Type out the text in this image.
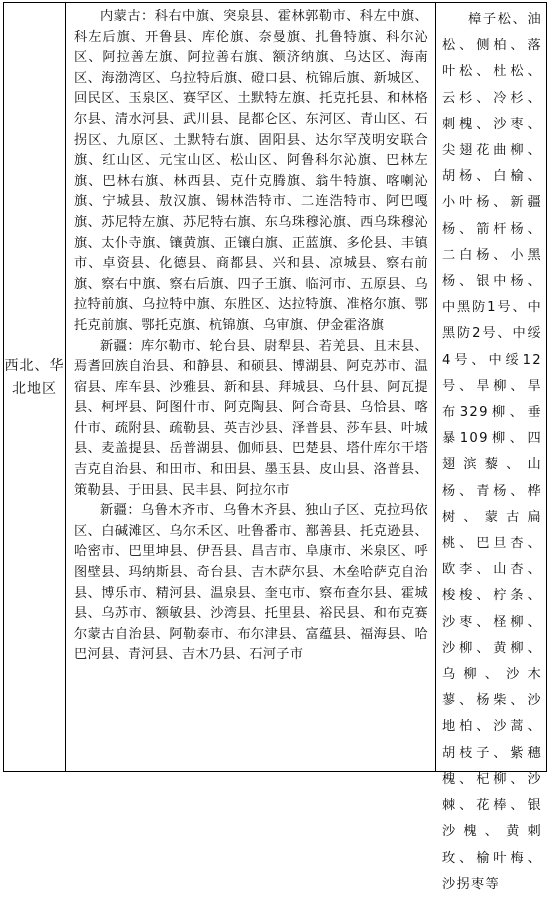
西北、华北地区

内蒙古：科右中旗、突泉县、霍林郭勒市、科左中旗、科左后旗、开鲁县、库伦旗、奈曼旗、扎鲁特旗、科尔沁区、阿拉善左旗、阿拉善右旗、额济纳旗、乌达区、海南区、海渤湾区、乌拉特后旗、磴口县、杭锦后旗、新城区、回民区、玉泉区、赛罕区、土默特左旗、托克托县、和林格尔县、清水河县、武川县、昆都仑区、东河区、青山区、石拐区、九原区、土默特右旗、固阳县、达尔罕茂明安联合旗、红山区、元宝山区、松山区、阿鲁科尔沁旗、巴林左旗、巴林右旗、林西县、克什克腾旗、翁牛特旗、喀喇沁旗、宁城县、敖汉旗、锡林浩特市、二连浩特市、阿巴嘎旗、苏尼特左旗、苏尼特右旗、东乌珠穆沁旗、西乌珠穆沁旗、太仆寺旗、镶黄旗、正镶白旗、正蓝旗、多伦县、丰镇市、卓资县、化德县、商都县、兴和县、凉城县、察右前旗、察右中旗、察右后旗、四子王旗、临河市、五原县、乌拉特前旗、乌拉特中旗、东胜区、达拉特旗、准格尔旗、鄂托克前旗、鄂托克旗、杭锦旗、乌审旗、伊金霍洛旗

新疆：库尔勒市、轮台县、尉犁县、若羌县、且末县、焉耆回族自治县、和静县、和硕县、博湖县、阿克苏市、温宿县、库车县、沙雅县、新和县、拜城县、乌什县、阿瓦提县、柯坪县、阿图什市、阿克陶县、阿合奇县、乌恰县、喀什市、疏附县、疏勒县、英吉沙县、泽普县、莎车县、叶城县、麦盖提县、岳普湖县、伽师县、巴楚县、塔什库尔干塔吉克自治县、和田市、和田县、墨玉县、皮山县、洛普县、策勒县、于田县、民丰县、阿拉尔市

新疆：乌鲁木齐市、乌鲁木齐县、独山子区、克拉玛依区、白碱滩区、乌尔禾区、吐鲁番市、鄯善县、托克逊县、哈密市、巴里坤县、伊吾县、昌吉市、阜康市、米泉区、呼图壁县、玛纳斯县、奇台县、吉木萨尔县、木垒哈萨克自治县、博乐市、精河县、温泉县、奎屯市、察布查尔县、霍城县、乌苏市、额敏县、沙湾县、托里县、裕民县、和布克赛尔蒙古自治县、阿勒泰市、布尔津县、富蕴县、福海县、哈巴河县、青河县、吉木乃县、石河子市

樟子松、油松、侧柏、落叶松、杜松、云杉、冷杉、刺槐、沙枣、尖翅花曲柳、胡杨、白榆、小叶杨、新疆杨、箭杆杨、二白杨、小黑杨、银中杨、中黑防1号、中黑防2号、中绥4号、中绥12号、旱柳、旱布329柳、垂暴109柳、四翅滨藜、山杨、青杨、桦树、蒙古扁桃、巴旦杏、欧李、山杏、梭梭、柠条、沙枣、柽柳、沙柳、黄柳、乌柳、沙木蓼、杨柴、沙地柏、沙蒿、胡枝子、紫穗槐、杞柳、沙棘、花棒、银沙槐、黄刺玫、榆叶梅、沙拐枣等
